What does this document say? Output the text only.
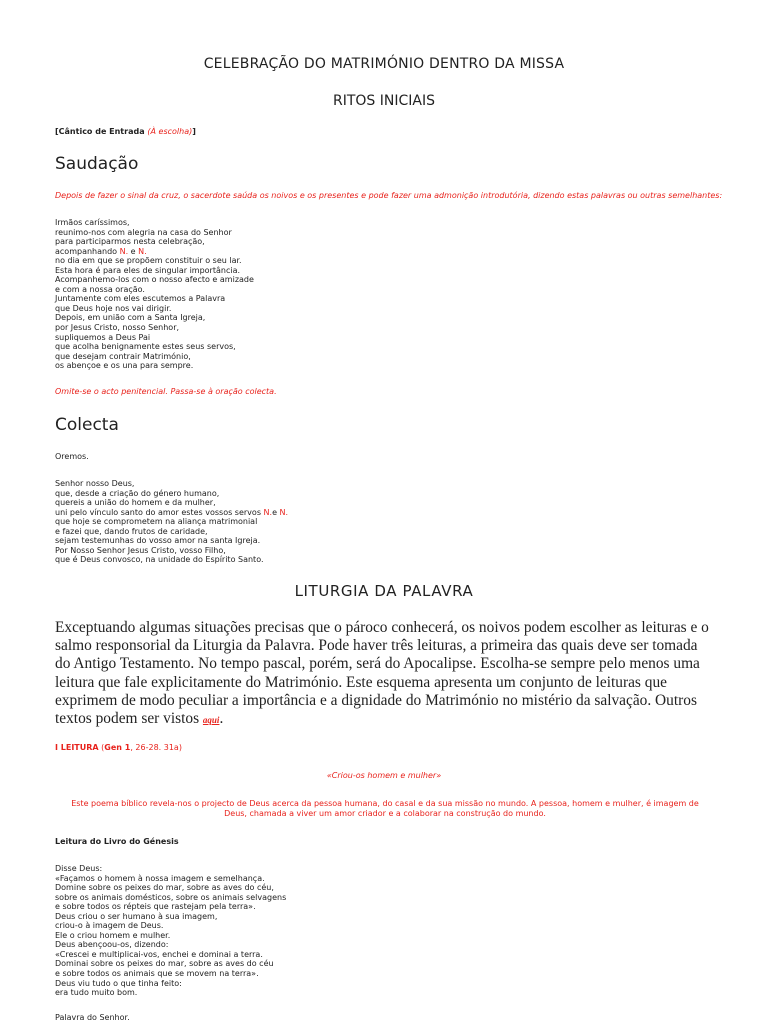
CELEBRAÇÃO DO MATRIMÓNIO DENTRO DA MISSA
RITOS INICIAIS
[Cântico de Entrada (À escolha)]
Saudação
Depois de fazer o sinal da cruz, o sacerdote saúda os noivos e os presentes e pode fazer uma admonição introdutória, dizendo estas palavras ou outras semelhantes:
Irmãos caríssimos,
reunimo-nos com alegria na casa do Senhor
para participarmos nesta celebração,
acompanhando N. e N.
no dia em que se propõem constituir o seu lar.
Esta hora é para eles de singular importância.
Acompanhemo-los com o nosso afecto e amizade
e com a nossa oração.
Juntamente com eles escutemos a Palavra
que Deus hoje nos vai dirigir.
Depois, em união com a Santa Igreja,
por Jesus Cristo, nosso Senhor,
supliquemos a Deus Pai
que acolha benignamente estes seus servos,
que desejam contrair Matrimónio,
os abençoe e os una para sempre.
Omite-se o acto penitencial. Passa-se à oração colecta.
Colecta
Oremos.
Senhor nosso Deus,
que, desde a criação do género humano,
quereis a união do homem e da mulher,
uni pelo vínculo santo do amor estes vossos servos N.e N.
que hoje se comprometem na aliança matrimonial
e fazei que, dando frutos de caridade,
sejam testemunhas do vosso amor na santa Igreja.
Por Nosso Senhor Jesus Cristo, vosso Filho,
que é Deus convosco, na unidade do Espírito Santo.
LITURGIA DA PALAVRA
Exceptuando algumas situações precisas que o pároco conhecerá, os noivos podem escolher as leituras e o salmo responsorial da Liturgia da Palavra. Pode haver três leituras, a primeira das quais deve ser tomada do Antigo Testamento. No tempo pascal, porém, será do Apocalipse. Escolha-se sempre pelo menos uma leitura que fale explicitamente do Matrimónio. Este esquema apresenta um conjunto de leituras que exprimem de modo peculiar a importância e a dignidade do Matrimónio no mistério da salvação. Outros textos podem ser vistos aqui.
I LEITURA (Gen 1, 26-28. 31a)
«Criou-os homem e mulher»
Este poema bíblico revela-nos o projecto de Deus acerca da pessoa humana, do casal e da sua missão no mundo. A pessoa, homem e mulher, é imagem de Deus, chamada a viver um amor criador e a colaborar na construção do mundo.
Leitura do Livro do Génesis
Disse Deus:
«Façamos o homem à nossa imagem e semelhança.
Domine sobre os peixes do mar, sobre as aves do céu,
sobre os animais domésticos, sobre os animais selvagens
e sobre todos os répteis que rastejam pela terra».
Deus criou o ser humano à sua imagem,
criou-o à imagem de Deus.
Ele o criou homem e mulher.
Deus abençoou-os, dizendo:
«Crescei e multiplicai-vos, enchei e dominai a terra.
Dominai sobre os peixes do mar, sobre as aves do céu
e sobre todos os animais que se movem na terra».
Deus viu tudo o que tinha feito:
era tudo muito bom.
Palavra do Senhor.
